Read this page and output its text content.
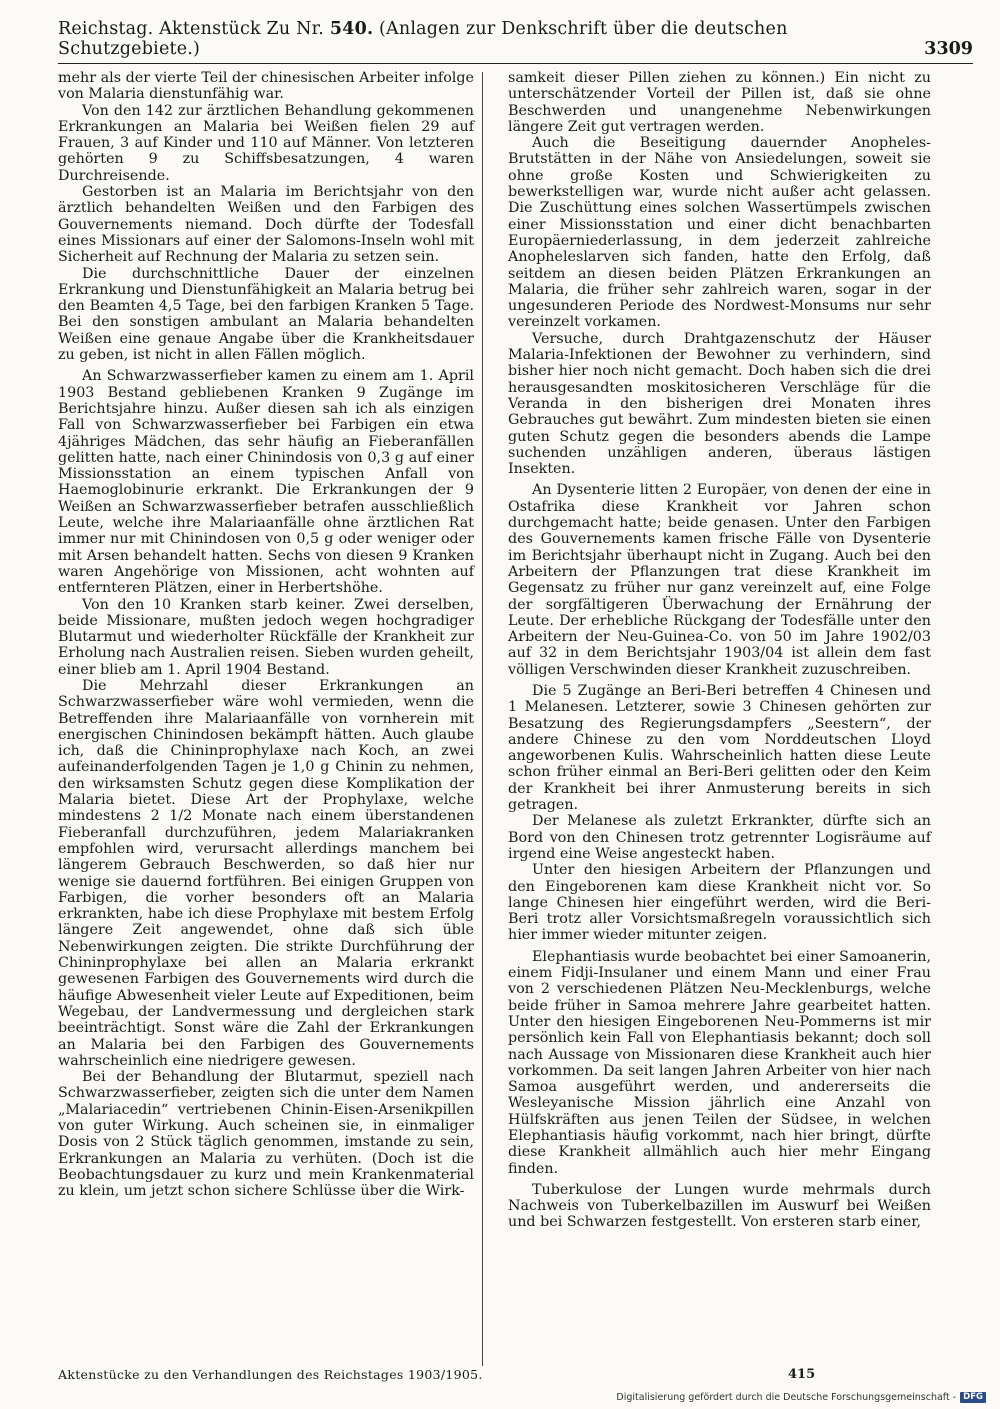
Reichstag. Aktenstück Zu Nr. 540. (Anlagen zur Denkschrift über die deutschen Schutzgebiete.)	3309

mehr als der vierte Teil der chinesischen Arbeiter infolge von Malaria dienstunfähig war.

Von den 142 zur ärztlichen Behandlung gekommenen Erkrankungen an Malaria bei Weißen fielen 29 auf Frauen, 3 auf Kinder und 110 auf Männer. Von letzteren gehörten 9 zu Schiffsbesatzungen, 4 waren Durchreisende.

Gestorben ist an Malaria im Berichtsjahr von den ärztlich behandelten Weißen und den Farbigen des Gouvernements niemand. Doch dürfte der Todesfall eines Missionars auf einer der Salomons-Inseln wohl mit Sicherheit auf Rechnung der Malaria zu setzen sein.

Die durchschnittliche Dauer der einzelnen Erkrankung und Dienstunfähigkeit an Malaria betrug bei den Beamten 4,5 Tage, bei den farbigen Kranken 5 Tage. Bei den sonstigen ambulant an Malaria behandelten Weißen eine genaue Angabe über die Krankheitsdauer zu geben, ist nicht in allen Fällen möglich.

An Schwarzwasserfieber kamen zu einem am 1. April 1903 Bestand gebliebenen Kranken 9 Zugänge im Berichtsjahre hinzu. Außer diesen sah ich als einzigen Fall von Schwarzwasserfieber bei Farbigen ein etwa 4jähriges Mädchen, das sehr häufig an Fieberanfällen gelitten hatte, nach einer Chinindosis von 0,3 g auf einer Missionsstation an einem typischen Anfall von Haemoglobinurie erkrankt. Die Erkrankungen der 9 Weißen an Schwarzwasserfieber betrafen ausschließlich Leute, welche ihre Malariaanfälle ohne ärztlichen Rat immer nur mit Chinindosen von 0,5 g oder weniger oder mit Arsen behandelt hatten. Sechs von diesen 9 Kranken waren Angehörige von Missionen, acht wohnten auf entfernteren Plätzen, einer in Herbertshöhe.

Von den 10 Kranken starb keiner. Zwei derselben, beide Missionare, mußten jedoch wegen hochgradiger Blutarmut und wiederholter Rückfälle der Krankheit zur Erholung nach Australien reisen. Sieben wurden geheilt, einer blieb am 1. April 1904 Bestand.

Die Mehrzahl dieser Erkrankungen an Schwarzwasserfieber wäre wohl vermieden, wenn die Betreffenden ihre Malariaanfälle von vornherein mit energischen Chinindosen bekämpft hätten. Auch glaube ich, daß die Chininprophylaxe nach Koch, an zwei aufeinanderfolgenden Tagen je 1,0 g Chinin zu nehmen, den wirksamsten Schutz gegen diese Komplikation der Malaria bietet. Diese Art der Prophylaxe, welche mindestens 2 1/2 Monate nach einem überstandenen Fieberanfall durchzuführen, jedem Malariakranken empfohlen wird, verursacht allerdings manchem bei längerem Gebrauch Beschwerden, so daß hier nur wenige sie dauernd fortführen. Bei einigen Gruppen von Farbigen, die vorher besonders oft an Malaria erkrankten, habe ich diese Prophylaxe mit bestem Erfolg längere Zeit angewendet, ohne daß sich üble Nebenwirkungen zeigten. Die strikte Durchführung der Chininprophylaxe bei allen an Malaria erkrankt gewesenen Farbigen des Gouvernements wird durch die häufige Abwesenheit vieler Leute auf Expeditionen, beim Wegebau, der Landvermessung und dergleichen stark beeinträchtigt. Sonst wäre die Zahl der Erkrankungen an Malaria bei den Farbigen des Gouvernements wahrscheinlich eine niedrigere gewesen.

Bei der Behandlung der Blutarmut, speziell nach Schwarzwasserfieber, zeigten sich die unter dem Namen „Malariacedin“ vertriebenen Chinin-Eisen-Arsenikpillen von guter Wirkung. Auch scheinen sie, in einmaliger Dosis von 2 Stück täglich genommen, imstande zu sein, Erkrankungen an Malaria zu verhüten. (Doch ist die Beobachtungsdauer zu kurz und mein Krankenmaterial zu klein, um jetzt schon sichere Schlüsse über die Wirk-

samkeit dieser Pillen ziehen zu können.) Ein nicht zu unterschätzender Vorteil der Pillen ist, daß sie ohne Beschwerden und unangenehme Nebenwirkungen längere Zeit gut vertragen werden.

Auch die Beseitigung dauernder Anopheles-Brutstätten in der Nähe von Ansiedelungen, soweit sie ohne große Kosten und Schwierigkeiten zu bewerkstelligen war, wurde nicht außer acht gelassen. Die Zuschüttung eines solchen Wassertümpels zwischen einer Missionsstation und einer dicht benachbarten Europäerniederlassung, in dem jederzeit zahlreiche Anopheleslarven sich fanden, hatte den Erfolg, daß seitdem an diesen beiden Plätzen Erkrankungen an Malaria, die früher sehr zahlreich waren, sogar in der ungesunderen Periode des Nordwest-Monsums nur sehr vereinzelt vorkamen.

Versuche, durch Drahtgazenschutz der Häuser Malaria-Infektionen der Bewohner zu verhindern, sind bisher hier noch nicht gemacht. Doch haben sich die drei herausgesandten moskitosicheren Verschläge für die Veranda in den bisherigen drei Monaten ihres Gebrauches gut bewährt. Zum mindesten bieten sie einen guten Schutz gegen die besonders abends die Lampe suchenden unzähligen anderen, überaus lästigen Insekten.

An Dysenterie litten 2 Europäer, von denen der eine in Ostafrika diese Krankheit vor Jahren schon durchgemacht hatte; beide genasen. Unter den Farbigen des Gouvernements kamen frische Fälle von Dysenterie im Berichtsjahr überhaupt nicht in Zugang. Auch bei den Arbeitern der Pflanzungen trat diese Krankheit im Gegensatz zu früher nur ganz vereinzelt auf, eine Folge der sorgfältigeren Überwachung der Ernährung der Leute. Der erhebliche Rückgang der Todesfälle unter den Arbeitern der Neu-Guinea-Co. von 50 im Jahre 1902/03 auf 32 in dem Berichtsjahr 1903/04 ist allein dem fast völligen Verschwinden dieser Krankheit zuzuschreiben.

Die 5 Zugänge an Beri-Beri betreffen 4 Chinesen und 1 Melanesen. Letzterer, sowie 3 Chinesen gehörten zur Besatzung des Regierungsdampfers „Seestern“, der andere Chinese zu den vom Norddeutschen Lloyd angeworbenen Kulis. Wahrscheinlich hatten diese Leute schon früher einmal an Beri-Beri gelitten oder den Keim der Krankheit bei ihrer Anmusterung bereits in sich getragen.

Der Melanese als zuletzt Erkrankter, dürfte sich an Bord von den Chinesen trotz getrennter Logisräume auf irgend eine Weise angesteckt haben.

Unter den hiesigen Arbeitern der Pflanzungen und den Eingeborenen kam diese Krankheit nicht vor. So lange Chinesen hier eingeführt werden, wird die Beri-Beri trotz aller Vorsichtsmaßregeln voraussichtlich sich hier immer wieder mitunter zeigen.

Elephantiasis wurde beobachtet bei einer Samoanerin, einem Fidji-Insulaner und einem Mann und einer Frau von 2 verschiedenen Plätzen Neu-Mecklenburgs, welche beide früher in Samoa mehrere Jahre gearbeitet hatten. Unter den hiesigen Eingeborenen Neu-Pommerns ist mir persönlich kein Fall von Elephantiasis bekannt; doch soll nach Aussage von Missionaren diese Krankheit auch hier vorkommen. Da seit langen Jahren Arbeiter von hier nach Samoa ausgeführt werden, und andererseits die Wesleyanische Mission jährlich eine Anzahl von Hülfskräften aus jenen Teilen der Südsee, in welchen Elephantiasis häufig vorkommt, nach hier bringt, dürfte diese Krankheit allmählich auch hier mehr Eingang finden.

Tuberkulose der Lungen wurde mehrmals durch Nachweis von Tuberkelbazillen im Auswurf bei Weißen und bei Schwarzen festgestellt. Von ersteren starb einer,

Aktenstücke zu den Verhandlungen des Reichstages 1903/1905.	415
Digitalisierung gefördert durch die Deutsche Forschungsgemeinschaft - DFG
